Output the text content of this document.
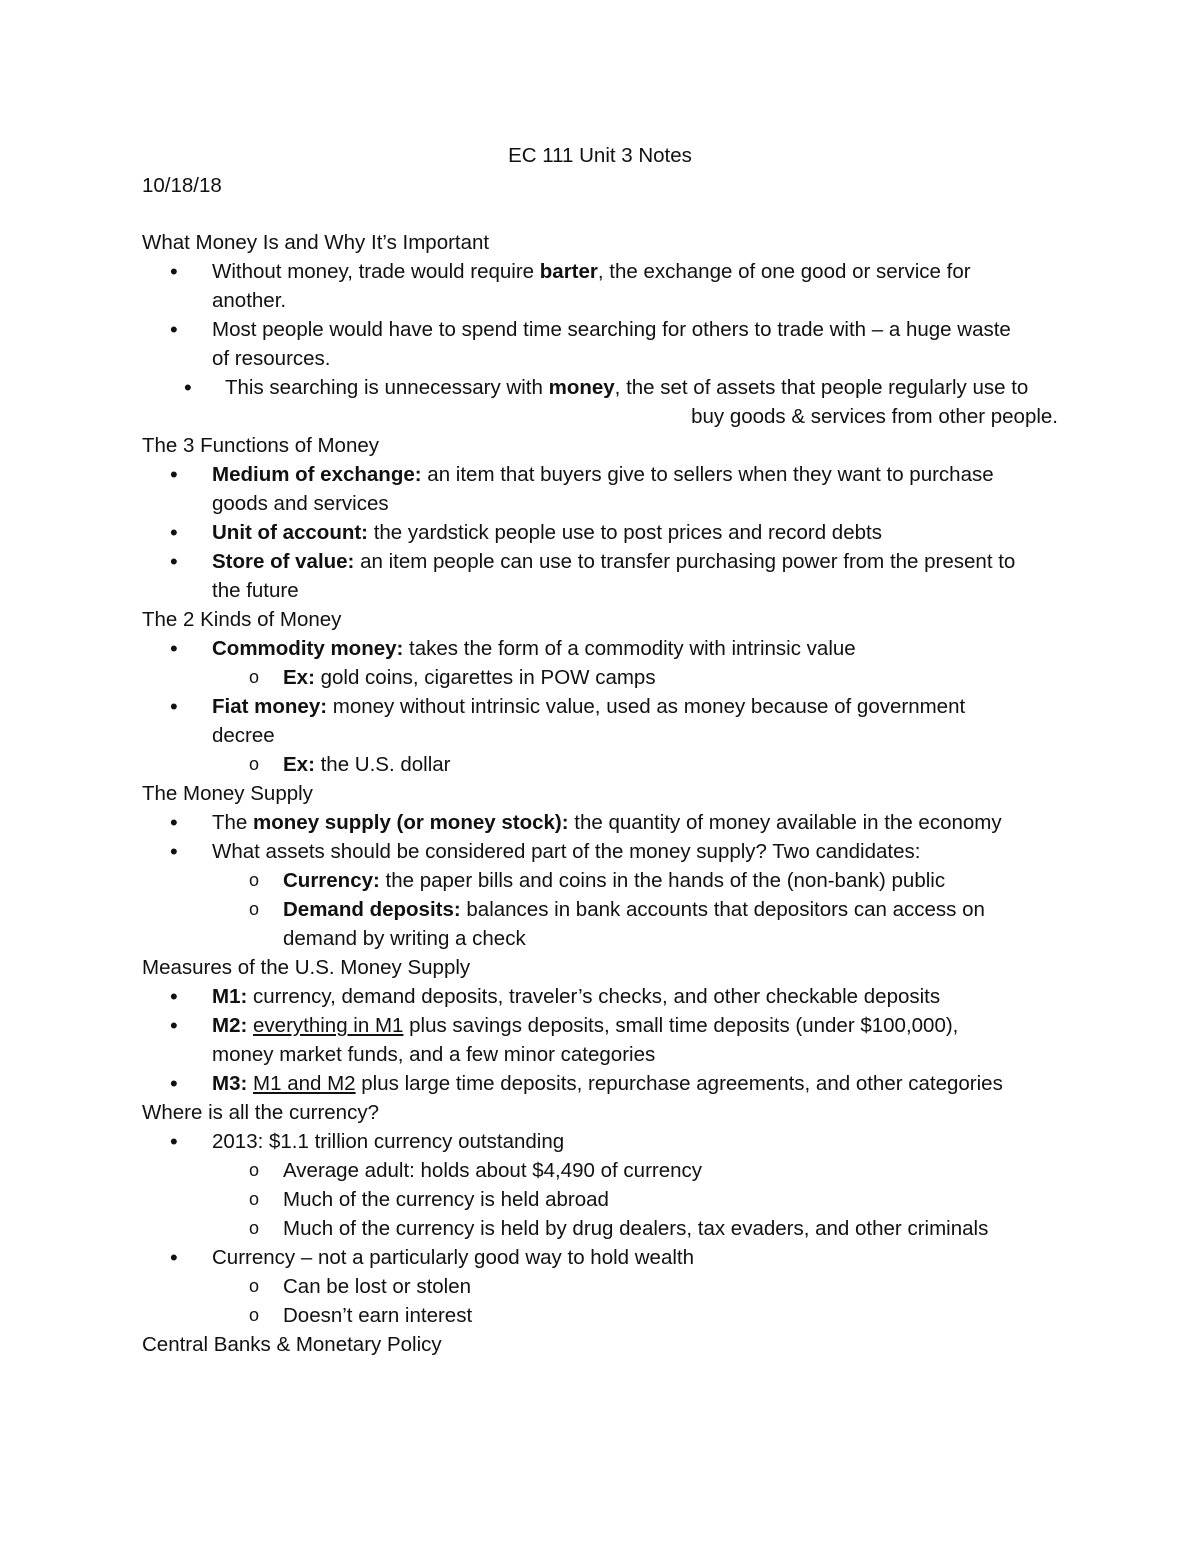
EC 111 Unit 3 Notes
10/18/18
What Money Is and Why It’s Important
• Without money, trade would require barter, the exchange of one good or service for
another.
• Most people would have to spend time searching for others to trade with – a huge waste
of resources.
• This searching is unnecessary with money, the set of assets that people regularly use to
buy goods & services from other people.
The 3 Functions of Money
• Medium of exchange: an item that buyers give to sellers when they want to purchase
goods and services
• Unit of account: the yardstick people use to post prices and record debts
• Store of value: an item people can use to transfer purchasing power from the present to
the future
The 2 Kinds of Money
• Commodity money: takes the form of a commodity with intrinsic value
o Ex: gold coins, cigarettes in POW camps
• Fiat money: money without intrinsic value, used as money because of government
decree
o Ex: the U.S. dollar
The Money Supply
• The money supply (or money stock): the quantity of money available in the economy
• What assets should be considered part of the money supply? Two candidates:
o Currency: the paper bills and coins in the hands of the (non-bank) public
o Demand deposits: balances in bank accounts that depositors can access on
demand by writing a check
Measures of the U.S. Money Supply
• M1: currency, demand deposits, traveler’s checks, and other checkable deposits
• M2: everything in M1 plus savings deposits, small time deposits (under $100,000),
money market funds, and a few minor categories
• M3: M1 and M2 plus large time deposits, repurchase agreements, and other categories
Where is all the currency?
• 2013: $1.1 trillion currency outstanding
o Average adult: holds about $4,490 of currency
o Much of the currency is held abroad
o Much of the currency is held by drug dealers, tax evaders, and other criminals
• Currency – not a particularly good way to hold wealth
o Can be lost or stolen
o Doesn’t earn interest
Central Banks & Monetary Policy
